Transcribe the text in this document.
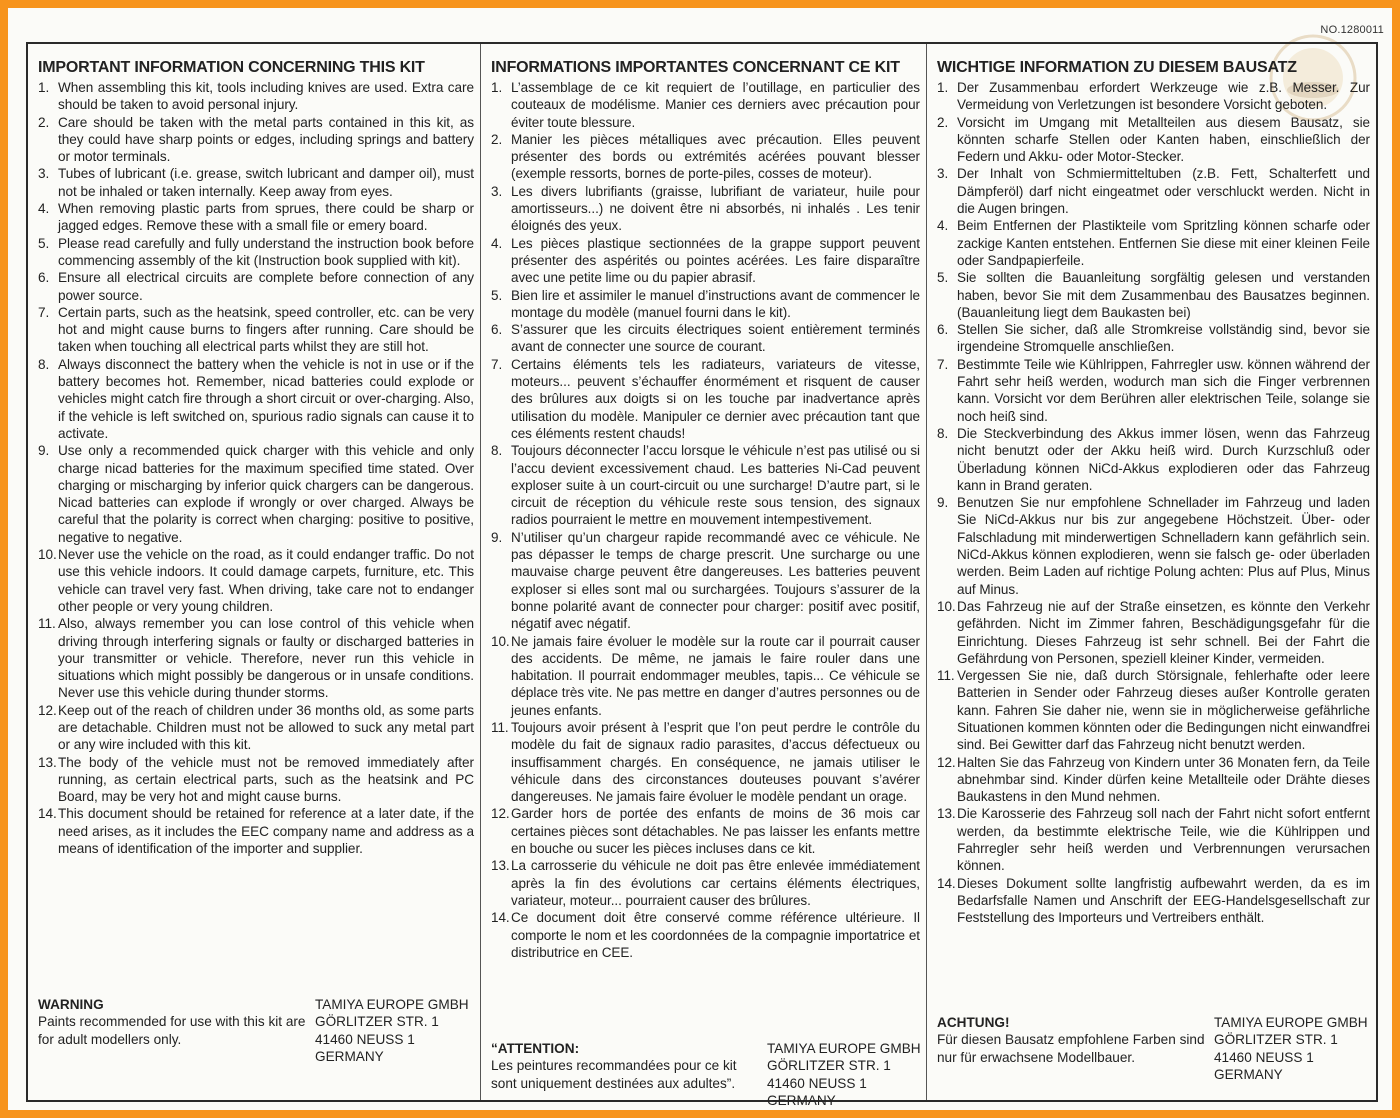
NO.1280011
IMPORTANT INFORMATION CONCERNING THIS KIT
1. When assembling this kit, tools including knives are used. Extra care should be taken to avoid personal injury.
2. Care should be taken with the metal parts contained in this kit, as they could have sharp points or edges, including springs and battery or motor terminals.
3. Tubes of lubricant (i.e. grease, switch lubricant and damper oil), must not be inhaled or taken internally. Keep away from eyes.
4. When removing plastic parts from sprues, there could be sharp or jagged edges. Remove these with a small file or emery board.
5. Please read carefully and fully understand the instruction book before commencing assembly of the kit (Instruction book supplied with kit).
6. Ensure all electrical circuits are complete before connection of any power source.
7. Certain parts, such as the heatsink, speed controller, etc. can be very hot and might cause burns to fingers after running. Care should be taken when touching all electrical parts whilst they are still hot.
8. Always disconnect the battery when the vehicle is not in use or if the battery becomes hot. Remember, nicad batteries could explode or vehicles might catch fire through a short circuit or over-charging. Also, if the vehicle is left switched on, spurious radio signals can cause it to activate.
9. Use only a recommended quick charger with this vehicle and only charge nicad batteries for the maximum specified time stated. Over charging or mischarging by inferior quick chargers can be dangerous. Nicad batteries can explode if wrongly or over charged. Always be careful that the polarity is correct when charging: positive to positive, negative to negative.
10. Never use the vehicle on the road, as it could endanger traffic. Do not use this vehicle indoors. It could damage carpets, furniture, etc. This vehicle can travel very fast. When driving, take care not to endanger other people or very young children.
11. Also, always remember you can lose control of this vehicle when driving through interfering signals or faulty or discharged batteries in your transmitter or vehicle. Therefore, never run this vehicle in situations which might possibly be dangerous or in unsafe conditions. Never use this vehicle during thunder storms.
12. Keep out of the reach of children under 36 months old, as some parts are detachable. Children must not be allowed to suck any metal part or any wire included with this kit.
13. The body of the vehicle must not be removed immediately after running, as certain electrical parts, such as the heatsink and PC Board, may be very hot and might cause burns.
14. This document should be retained for reference at a later date, if the need arises, as it includes the EEC company name and address as a means of identification of the importer and supplier.
WARNING
Paints recommended for use with this kit are for adult modellers only.
TAMIYA EUROPE GMBH
GÖRLITZER STR. 1
41460 NEUSS 1
GERMANY
INFORMATIONS IMPORTANTES CONCERNANT CE KIT
1. L’assemblage de ce kit requiert de l’outillage, en particulier des couteaux de modélisme. Manier ces derniers avec précaution pour éviter toute blessure.
2. Manier les pièces métalliques avec précaution. Elles peuvent présenter des bords ou extrémités acérées pouvant blesser (exemple ressorts, bornes de porte-piles, cosses de moteur).
3. Les divers lubrifiants (graisse, lubrifiant de variateur, huile pour amortisseurs...) ne doivent être ni absorbés, ni inhalés . Les tenir éloignés des yeux.
4. Les pièces plastique sectionnées de la grappe support peuvent présenter des aspérités ou pointes acérées. Les faire disparaître avec une petite lime ou du papier abrasif.
5. Bien lire et assimiler le manuel d’instructions avant de commencer le montage du modèle (manuel fourni dans le kit).
6. S’assurer que les circuits électriques soient entièrement terminés avant de connecter une source de courant.
7. Certains éléments tels les radiateurs, variateurs de vitesse, moteurs... peuvent s’échauffer énormément et risquent de causer des brûlures aux doigts si on les touche par inadvertance après utilisation du modèle. Manipuler ce dernier avec précaution tant que ces éléments restent chauds!
8. Toujours déconnecter l’accu lorsque le véhicule n’est pas utilisé ou si l’accu devient excessivement chaud. Les batteries Ni-Cad peuvent exploser suite à un court-circuit ou une surcharge! D’autre part, si le circuit de réception du véhicule reste sous tension, des signaux radios pourraient le mettre en mouvement intempestivement.
9. N’utiliser qu’un chargeur rapide recommandé avec ce véhicule. Ne pas dépasser le temps de charge prescrit. Une surcharge ou une mauvaise charge peuvent être dangereuses. Les batteries peuvent exploser si elles sont mal ou surchargées. Toujours s’assurer de la bonne polarité avant de connecter pour charger: positif avec positif, négatif avec négatif.
10. Ne jamais faire évoluer le modèle sur la route car il pourrait causer des accidents. De même, ne jamais le faire rouler dans une habitation. Il pourrait endommager meubles, tapis... Ce véhicule se déplace très vite. Ne pas mettre en danger d’autres personnes ou de jeunes enfants.
11. Toujours avoir présent à l’esprit que l’on peut perdre le contrôle du modèle du fait de signaux radio parasites, d’accus défectueux ou insuffisamment chargés. En conséquence, ne jamais utiliser le véhicule dans des circonstances douteuses pouvant s’avérer dangereuses. Ne jamais faire évoluer le modèle pendant un orage.
12. Garder hors de portée des enfants de moins de 36 mois car certaines pièces sont détachables. Ne pas laisser les enfants mettre en bouche ou sucer les pièces incluses dans ce kit.
13. La carrosserie du véhicule ne doit pas être enlevée immédiatement après la fin des évolutions car certains éléments électriques, variateur, moteur... pourraient causer des brûlures.
14. Ce document doit être conservé comme référence ultérieure. Il comporte le nom et les coordonnées de la compagnie importatrice et distributrice en CEE.
“ATTENTION:
Les peintures recommandées pour ce kit sont uniquement destinées aux adultes”.
TAMIYA EUROPE GMBH
GÖRLITZER STR. 1
41460 NEUSS 1
GERMANY
WICHTIGE INFORMATION ZU DIESEM BAUSATZ
1. Der Zusammenbau erfordert Werkzeuge wie z.B. Messer. Zur Vermeidung von Verletzungen ist besondere Vorsicht geboten.
2. Vorsicht im Umgang mit Metallteilen aus diesem Bausatz, sie könnten scharfe Stellen oder Kanten haben, einschließlich der Federn und Akku- oder Motor-Stecker.
3. Der Inhalt von Schmiermitteltuben (z.B. Fett, Schalterfett und Dämpferöl) darf nicht eingeatmet oder verschluckt werden. Nicht in die Augen bringen.
4. Beim Entfernen der Plastikteile vom Spritzling können scharfe oder zackige Kanten entstehen. Entfernen Sie diese mit einer kleinen Feile oder Sandpapierfeile.
5. Sie sollten die Bauanleitung sorgfältig gelesen und verstanden haben, bevor Sie mit dem Zusammenbau des Bausatzes beginnen. (Bauanleitung liegt dem Baukasten bei)
6. Stellen Sie sicher, daß alle Stromkreise vollständig sind, bevor sie irgendeine Stromquelle anschließen.
7. Bestimmte Teile wie Kühlrippen, Fahrregler usw. können während der Fahrt sehr heiß werden, wodurch man sich die Finger verbrennen kann. Vorsicht vor dem Berühren aller elektrischen Teile, solange sie noch heiß sind.
8. Die Steckverbindung des Akkus immer lösen, wenn das Fahrzeug nicht benutzt oder der Akku heiß wird. Durch Kurzschluß oder Überladung können NiCd-Akkus explodieren oder das Fahrzeug kann in Brand geraten.
9. Benutzen Sie nur empfohlene Schnellader im Fahrzeug und laden Sie NiCd-Akkus nur bis zur angegebene Höchstzeit. Über- oder Falschladung mit minderwertigen Schnelladern kann gefährlich sein. NiCd-Akkus können explodieren, wenn sie falsch ge- oder überladen werden. Beim Laden auf richtige Polung achten: Plus auf Plus, Minus auf Minus.
10. Das Fahrzeug nie auf der Straße einsetzen, es könnte den Verkehr gefährden. Nicht im Zimmer fahren, Beschädigungsgefahr für die Einrichtung. Dieses Fahrzeug ist sehr schnell. Bei der Fahrt die Gefährdung von Personen, speziell kleiner Kinder, vermeiden.
11. Vergessen Sie nie, daß durch Störsignale, fehlerhafte oder leere Batterien in Sender oder Fahrzeug dieses außer Kontrolle geraten kann. Fahren Sie daher nie, wenn sie in möglicherweise gefährliche Situationen kommen könnten oder die Bedingungen nicht einwandfrei sind. Bei Gewitter darf das Fahrzeug nicht benutzt werden.
12. Halten Sie das Fahrzeug von Kindern unter 36 Monaten fern, da Teile abnehmbar sind. Kinder dürfen keine Metallteile oder Drähte dieses Baukastens in den Mund nehmen.
13. Die Karosserie des Fahrzeug soll nach der Fahrt nicht sofort entfernt werden, da bestimmte elektrische Teile, wie die Kühlrippen und Fahrregler sehr heiß werden und Verbrennungen verursachen können.
14. Dieses Dokument sollte langfristig aufbewahrt werden, da es im Bedarfsfalle Namen und Anschrift der EEG-Handelsgesellschaft zur Feststellung des Importeurs und Vertreibers enthält.
ACHTUNG!
Für diesen Bausatz empfohlene Farben sind nur für erwachsene Modellbauer.
TAMIYA EUROPE GMBH
GÖRLITZER STR. 1
41460 NEUSS 1
GERMANY
